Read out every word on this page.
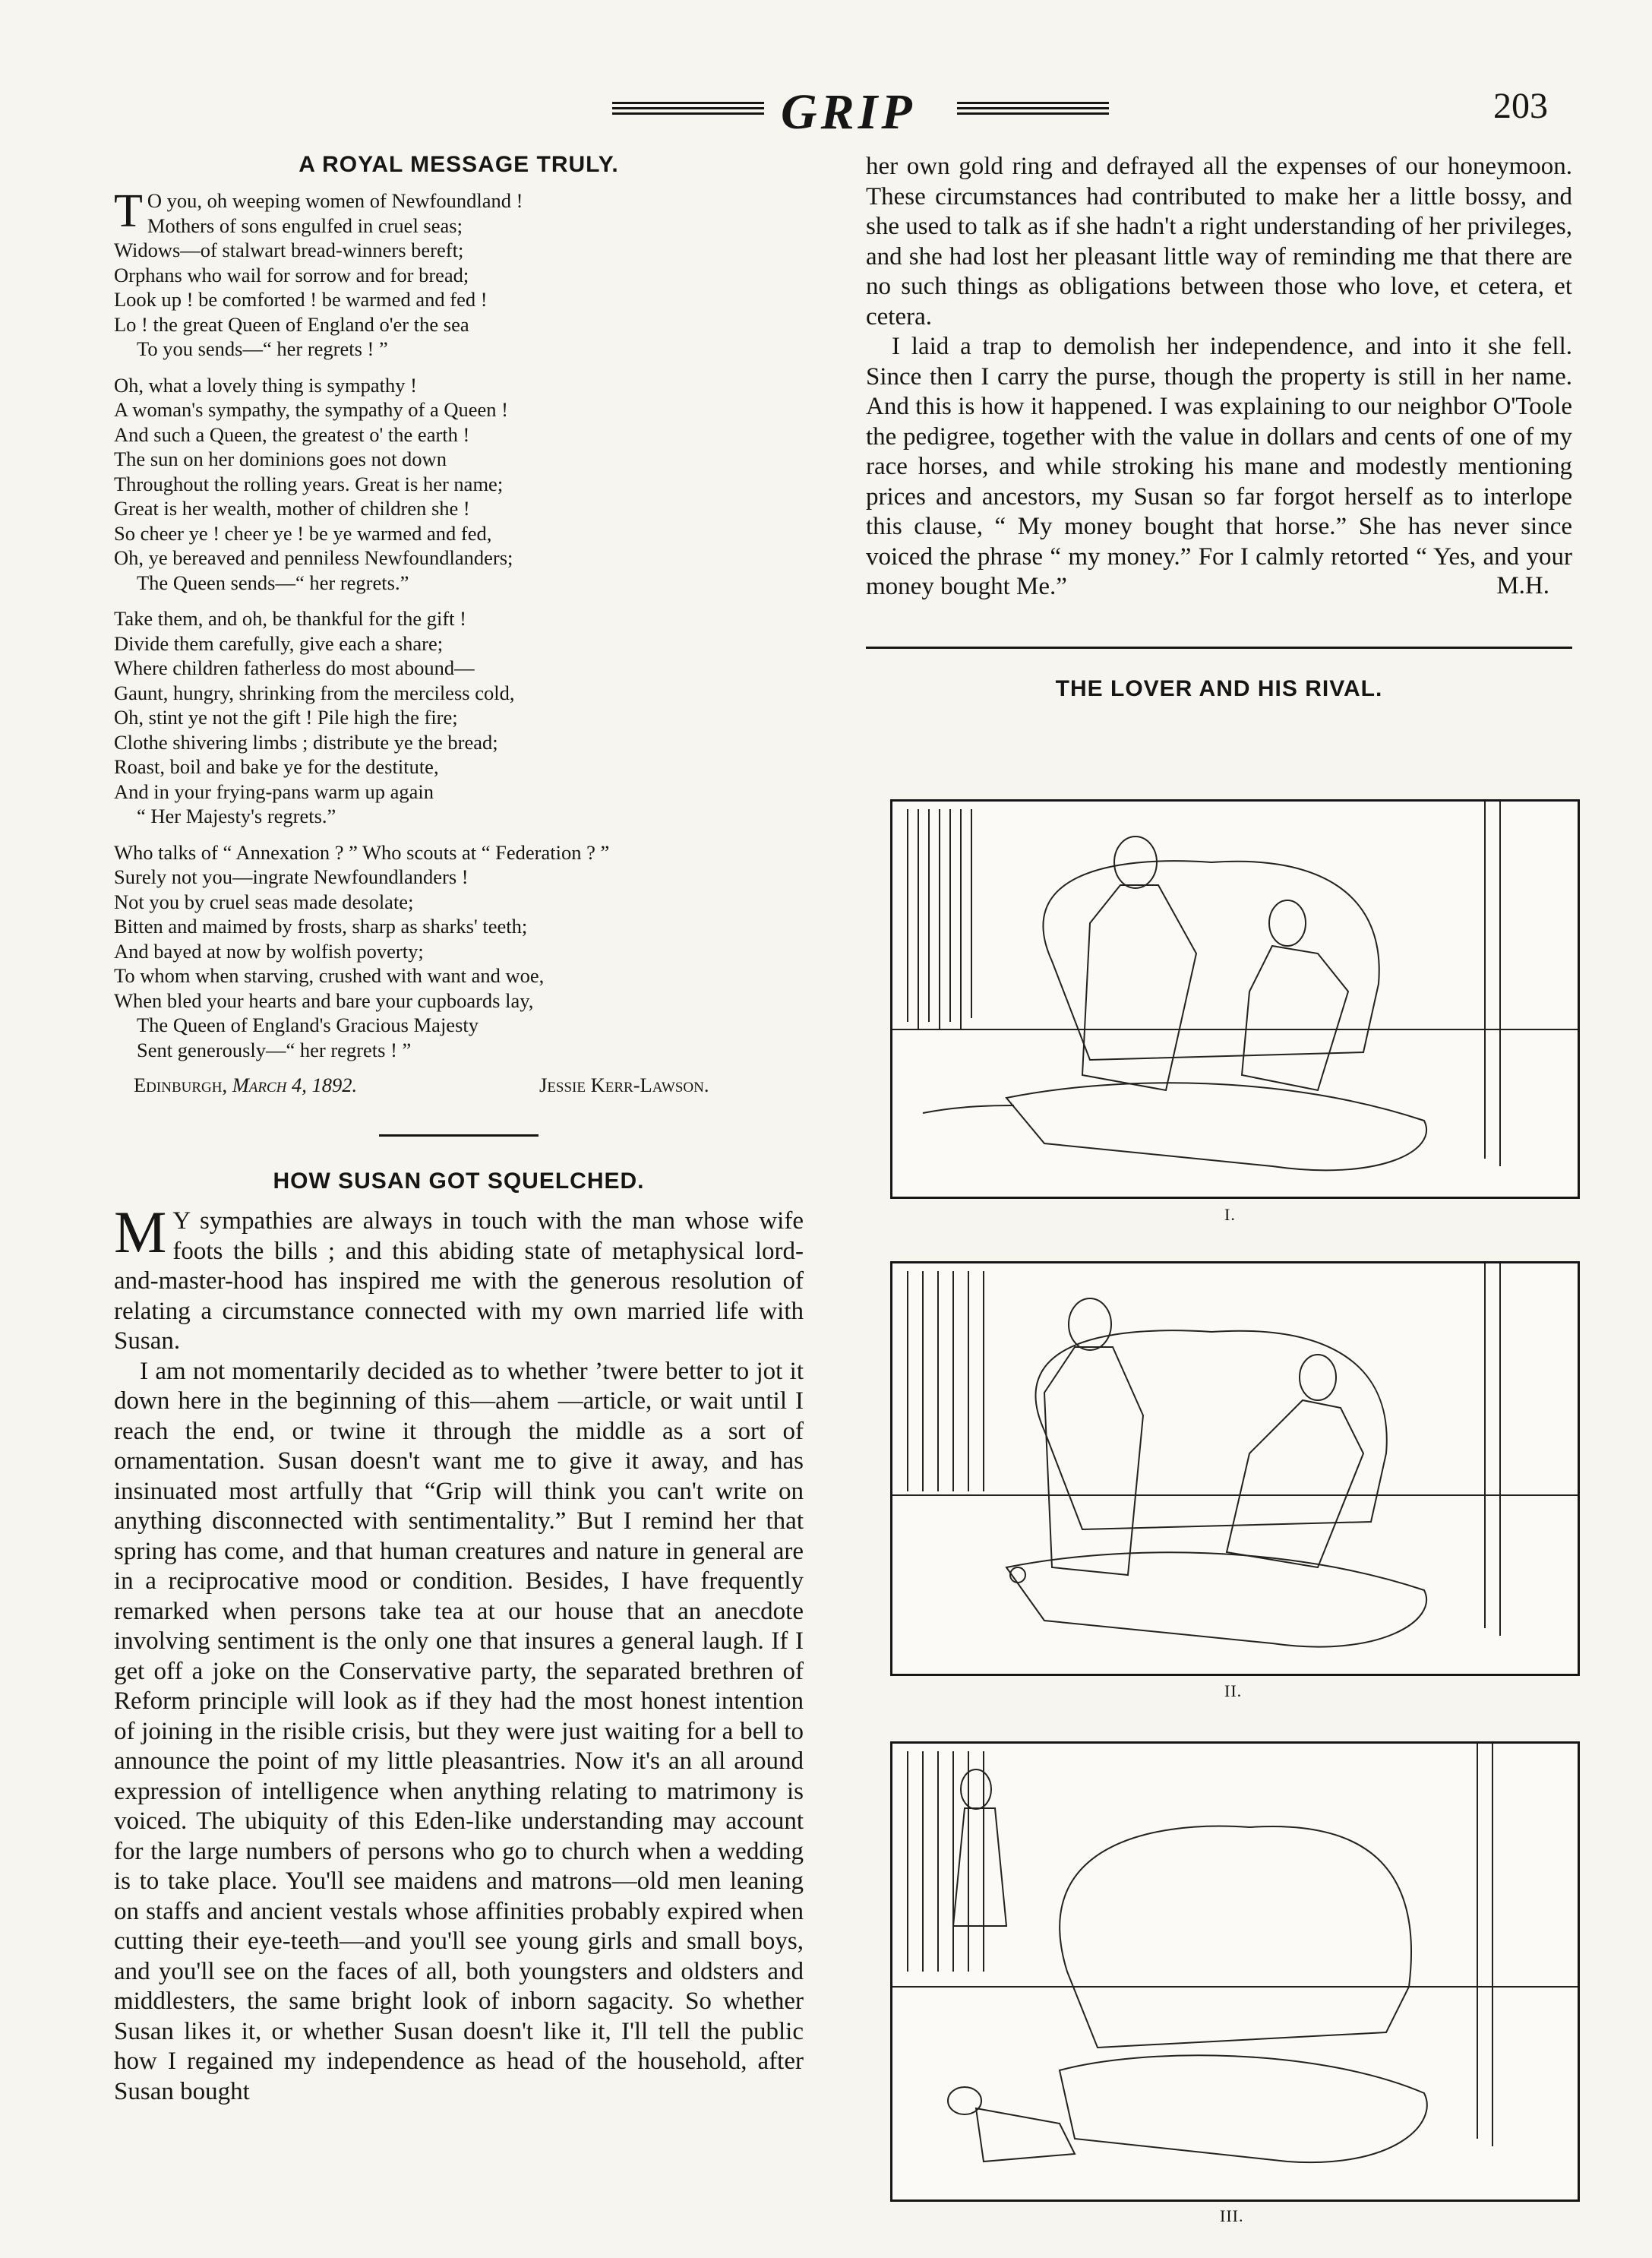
GRIP	203
A ROYAL MESSAGE TRULY.
T O you, oh weeping women of Newfoundland !
Mothers of sons engulfed in cruel seas;
Widows—of stalwart bread-winners bereft;
Orphans who wail for sorrow and for bread;
Look up ! be comforted ! be warmed and fed !
Lo ! the great Queen of England o'er the sea
To you sends—“ her regrets ! ”
Oh, what a lovely thing is sympathy !
A woman's sympathy, the sympathy of a Queen !
And such a Queen, the greatest o' the earth !
The sun on her dominions goes not down
Throughout the rolling years. Great is her name;
Great is her wealth, mother of children she !
So cheer ye ! cheer ye ! be ye warmed and fed,
Oh, ye bereaved and penniless Newfoundlanders;
The Queen sends—“ her regrets.”
Take them, and oh, be thankful for the gift !
Divide them carefully, give each a share;
Where children fatherless do most abound—
Gaunt, hungry, shrinking from the merciless cold,
Oh, stint ye not the gift ! Pile high the fire;
Clothe shivering limbs ; distribute ye the bread;
Roast, boil and bake ye for the destitute,
And in your frying-pans warm up again
“ Her Majesty's regrets.”
Who talks of “ Annexation ? ” Who scouts at “ Federation ? ”
Surely not you—ingrate Newfoundlanders !
Not you by cruel seas made desolate;
Bitten and maimed by frosts, sharp as sharks' teeth;
And bayed at now by wolfish poverty;
To whom when starving, crushed with want and woe,
When bled your hearts and bare your cupboards lay,
The Queen of England's Gracious Majesty
Sent generously—“ her regrets ! ”
Edinburgh, March 4, 1892.	Jessie Kerr-Lawson.
HOW SUSAN GOT SQUELCHED.

M Y sympathies are always in touch with the man whose wife foots the bills ; and this abiding state of metaphysical lord-and-master-hood has inspired me with the generous resolution of relating a circumstance connected with my own married life with Susan.

I am not momentarily decided as to whether ’twere better to jot it down here in the beginning of this—ahem —article, or wait until I reach the end, or twine it through the middle as a sort of ornamentation. Susan doesn't want me to give it away, and has insinuated most artfully that “Grip will think you can't write on anything disconnected with sentimentality.” But I remind her that spring has come, and that human creatures and nature in general are in a reciprocative mood or condition. Besides, I have frequently remarked when persons take tea at our house that an anecdote involving sentiment is the only one that insures a general laugh. If I get off a joke on the Conservative party, the separated brethren of Reform principle will look as if they had the most honest intention of joining in the risible crisis, but they were just waiting for a bell to announce the point of my little pleasantries. Now it's an all around expression of intelligence when anything relating to matrimony is voiced. The ubiquity of this Eden-like understanding may account for the large numbers of persons who go to church when a wedding is to take place. You'll see maidens and matrons—old men leaning on staffs and ancient vestals whose affinities probably expired when cutting their eye-teeth—and you'll see young girls and small boys, and you'll see on the faces of all, both youngsters and oldsters and middlesters, the same bright look of inborn sagacity. So whether Susan likes it, or whether Susan doesn't like it, I'll tell the public how I regained my independence as head of the household, after Susan bought

her own gold ring and defrayed all the expenses of our honeymoon. These circumstances had contributed to make her a little bossy, and she used to talk as if she hadn't a right understanding of her privileges, and she had lost her pleasant little way of reminding me that there are no such things as obligations between those who love, et cetera, et cetera.

I laid a trap to demolish her independence, and into it she fell. Since then I carry the purse, though the property is still in her name. And this is how it happened. I was explaining to our neighbor O'Toole the pedigree, together with the value in dollars and cents of one of my race horses, and while stroking his mane and modestly mentioning prices and ancestors, my Susan so far forgot herself as to interlope this clause, “ My money bought that horse.” She has never since voiced the phrase “ my money.” For I calmly retorted “ Yes, and your money bought Me.”	M.H.
THE LOVER AND HIS RIVAL.
I.
II.
III.
